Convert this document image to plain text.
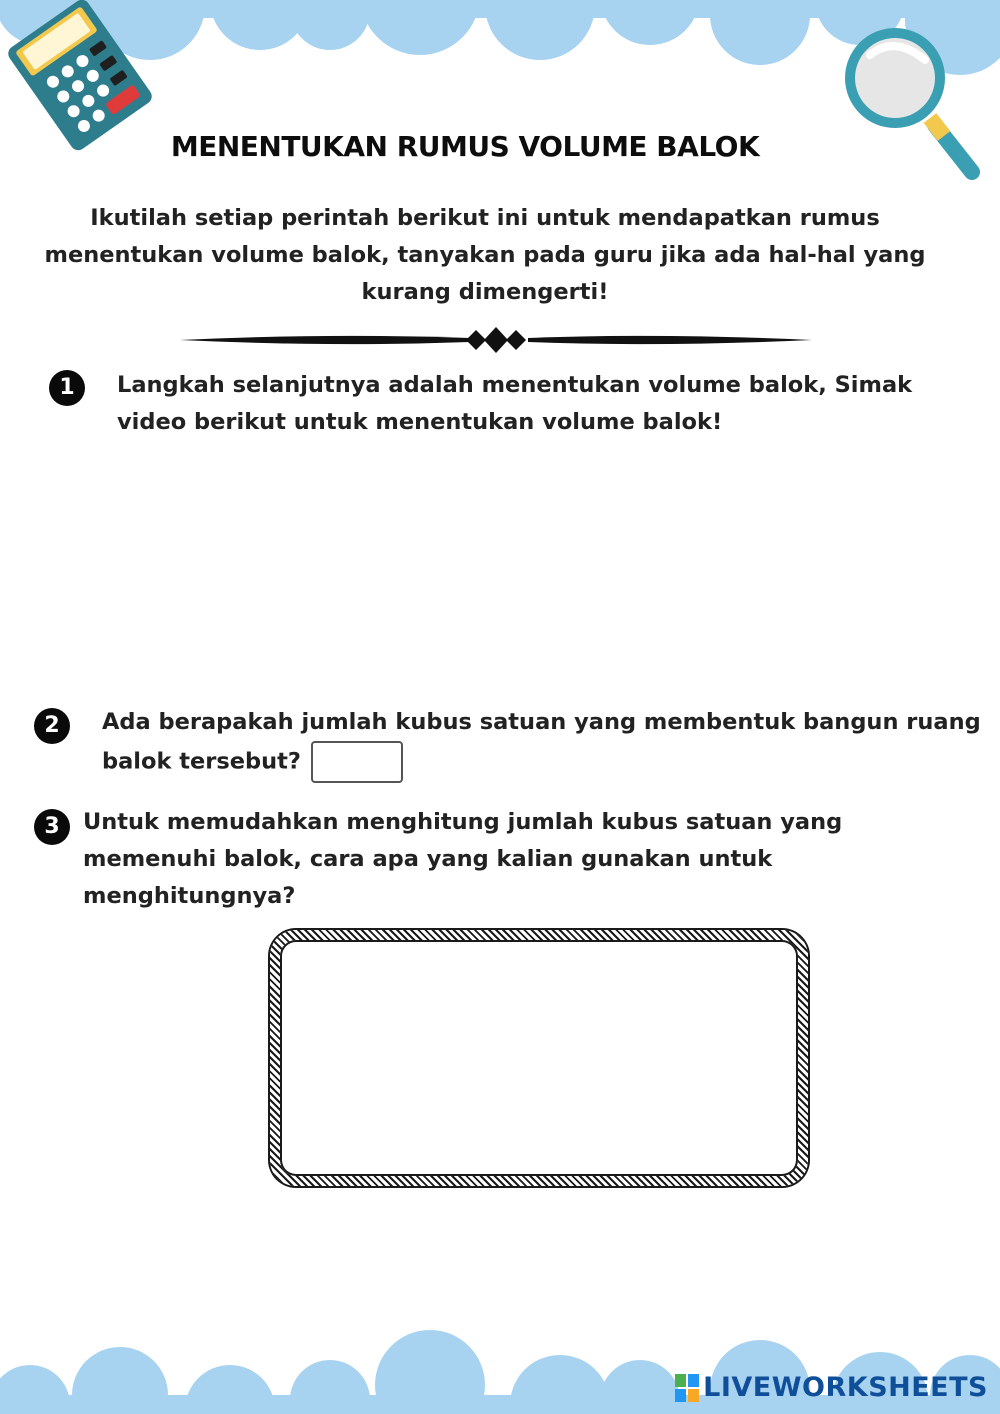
MENENTUKAN RUMUS VOLUME BALOK
Ikutilah setiap perintah berikut ini untuk mendapatkan rumus menentukan volume balok, tanyakan pada guru jika ada hal-hal yang kurang dimengerti!
1	Langkah selanjutnya adalah menentukan volume balok, Simak video berikut untuk menentukan volume balok!
2	Ada berapakah jumlah kubus satuan yang membentuk bangun ruang balok tersebut?
3	Untuk memudahkan menghitung jumlah kubus satuan yang memenuhi balok, cara apa yang kalian gunakan untuk menghitungnya?
LIVEWORKSHEETS
